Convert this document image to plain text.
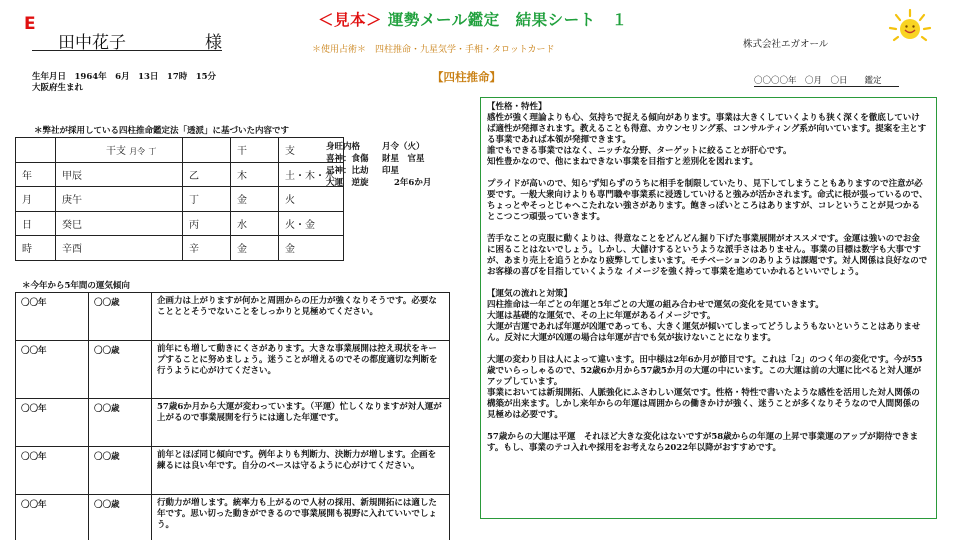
E
田中花子	様
＜見本＞ 運勢メール鑑定　結果シート　１
＊使用占術＊　四柱推命・九星気学・手相・タロットカード	株式会社エガオール
生年月日　1964年　6月　13日　17時　15分
大阪府生まれ
【四柱推命】	〇〇〇〇年　〇月　〇日　　鑑定
＊弊社が採用している四柱推命鑑定法「透派」に基づいた内容です
	干支 月令 丁		干	支
年	甲辰	乙	木	土・木・水
月	庚午	丁	金	火
日	癸巳	丙	水	火・金
時	辛酉	辛	金	金
身旺内格	月令（火）
喜神：食傷	財星　官星
忌神：比劫	印星
大運　逆旋	2年6か月
＊今年から5年間の運気傾向
〇〇年	〇〇歳	企画力は上がりますが何かと周囲からの圧力が強くなりそうです。必要なことととそうでないことをしっかりと見極めてください。
〇〇年	〇〇歳	前年にも増して動きにくさがあります。大きな事業展開は控え現状をキープすることに努めましょう。迷うことが増えるのでその都度適切な判断を行うように心がけてください。
〇〇年	〇〇歳	57歳6か月から大運が変わっています。（平運）忙しくなりますが対人運が上がるので事業展開を行うには適した年運です。
〇〇年	〇〇歳	前年とほぼ同じ傾向です。例年よりも判断力、決断力が増します。企画を練るには良い年です。自分のペースは守るように心がけてください。
〇〇年	〇〇歳	行動力が増します。統率力も上がるので人材の採用、新規開拓には適した年です。思い切った動きができるので事業展開も視野に入れていいでしょう。
【性格・特性】
感性が強く理論よりも心、気持ちで捉える傾向があります。事業は大きくしていくよりも狭く深くを徹底していけば適性が発揮されます。教えることも得意、カウンセリング系、コンサルティング系が向いています。提案を主とする事業であれば本領が発揮できます。
誰でもできる事業ではなく、ニッチな分野、ターゲットに絞ることが肝心です。
知性豊かなので、他にまねできない事業を目指すと差別化を図れます。
プライドが高いので、知ら'ず知らずのうちに相手を制限していたり、見下してしまうこともありますので注意が必要です。一般大衆向けよりも専門職や事業系に浸透していけると強みが活かされます。命式に根が張っているので、ちょっとやそっとじゃへこたれない強さがあります。飽きっぽいところはありますが、コレということが見つかるとこつこつ頑張っていきます。
苦手なことの克服に動くよりは、得意なことをどんどん掘り下げた事業展開がオススメです。金運は強いのでお金に困ることはないでしょう。しかし、大儲けするというような派手さはありません。事業の目標は数字も大事ですが、あまり売上を追うとかなり疲弊してしまいます。モチベーションのありようは課題です。対人関係は良好なのでお客様の喜びを目指していくような イメージを強く持って事業を進めていかれるといいでしょう。
【運気の流れと対策】
四柱推命は一年ごとの年運と5年ごとの大運の組み合わせで運気の変化を見ていきます。
大運は基礎的な運気で、その上に年運があるイメージです。
大運が吉運であれば年運が凶運であっても、大きく運気が傾いてしまってどうしようもないということはありません。反対に大運が凶運の場合は年運が吉でも気が抜けないことになります。
大運の変わり目は人によって違います。田中様は2年6か月が節目です。これは「2」のつく年の変化です。今が55歳でいらっしゃるので、52歳6か月から57歳5か月の大運の中にいます。この大運は前の大運に比べると対人運がアップしています。
事業においては新規開拓、人脈強化にふさわしい運気です。性格・特性で書いたような感性を活用した対人関係の構築が出来ます。しかし来年からの年運は周囲からの働きかけが強く、迷うことが多くなりそうなので人間関係の見極めは必要です。
57歳からの大運は平運　それほど大きな変化はないですが58歳からの年運の上昇で事業運のアップが期待できます。もし、事業のテコ入れや採用をお考えなら2022年以降がおすすめです。
